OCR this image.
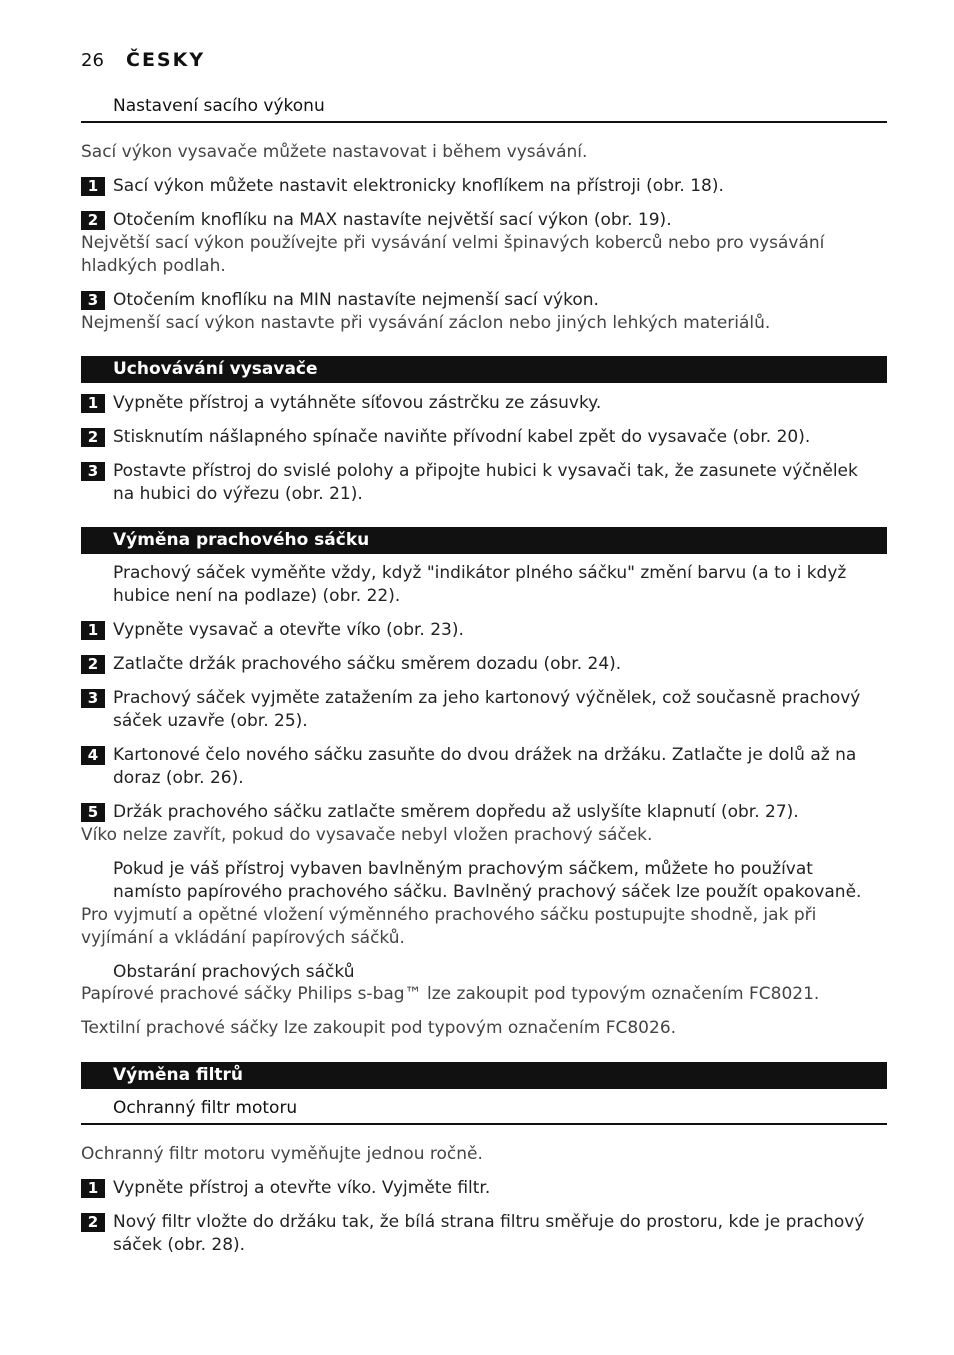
26 ČESKY
Nastavení sacího výkonu
Sací výkon vysavače můžete nastavovat i během vysávání.
1 Sací výkon můžete nastavit elektronicky knoflíkem na přístroji (obr. 18).
2 Otočením knoflíku na MAX nastavíte největší sací výkon (obr. 19).
Největší sací výkon používejte při vysávání velmi špinavých koberců nebo pro vysávání hladkých podlah.
3 Otočením knoflíku na MIN nastavíte nejmenší sací výkon.
Nejmenší sací výkon nastavte při vysávání záclon nebo jiných lehkých materiálů.
Uchovávání vysavače
1 Vypněte přístroj a vytáhněte síťovou zástrčku ze zásuvky.
2 Stisknutím nášlapného spínače naviňte přívodní kabel zpět do vysavače (obr. 20).
3 Postavte přístroj do svislé polohy a připojte hubici k vysavači tak, že zasunete výčnělek na hubici do výřezu (obr. 21).
Výměna prachového sáčku
Prachový sáček vyměňte vždy, když "indikátor plného sáčku" změní barvu (a to i když hubice není na podlaze) (obr. 22).
1 Vypněte vysavač a otevřte víko (obr. 23).
2 Zatlačte držák prachového sáčku směrem dozadu (obr. 24).
3 Prachový sáček vyjměte zatažením za jeho kartonový výčnělek, což současně prachový sáček uzavře (obr. 25).
4 Kartonové čelo nového sáčku zasuňte do dvou drážek na držáku. Zatlačte je dolů až na doraz (obr. 26).
5 Držák prachového sáčku zatlačte směrem dopředu až uslyšíte klapnutí (obr. 27).
Víko nelze zavřít, pokud do vysavače nebyl vložen prachový sáček.
Pokud je váš přístroj vybaven bavlněným prachovým sáčkem, můžete ho používat namísto papírového prachového sáčku. Bavlněný prachový sáček lze použít opakovaně.
Pro vyjmutí a opětné vložení výměnného prachového sáčku postupujte shodně, jak při vyjímání a vkládání papírových sáčků.
Obstarání prachových sáčků
Papírové prachové sáčky Philips s-bag™ lze zakoupit pod typovým označením FC8021.
Textilní prachové sáčky lze zakoupit pod typovým označením FC8026.
Výměna filtrů
Ochranný filtr motoru
Ochranný filtr motoru vyměňujte jednou ročně.
1 Vypněte přístroj a otevřte víko. Vyjměte filtr.
2 Nový filtr vložte do držáku tak, že bílá strana filtru směřuje do prostoru, kde je prachový sáček (obr. 28).
